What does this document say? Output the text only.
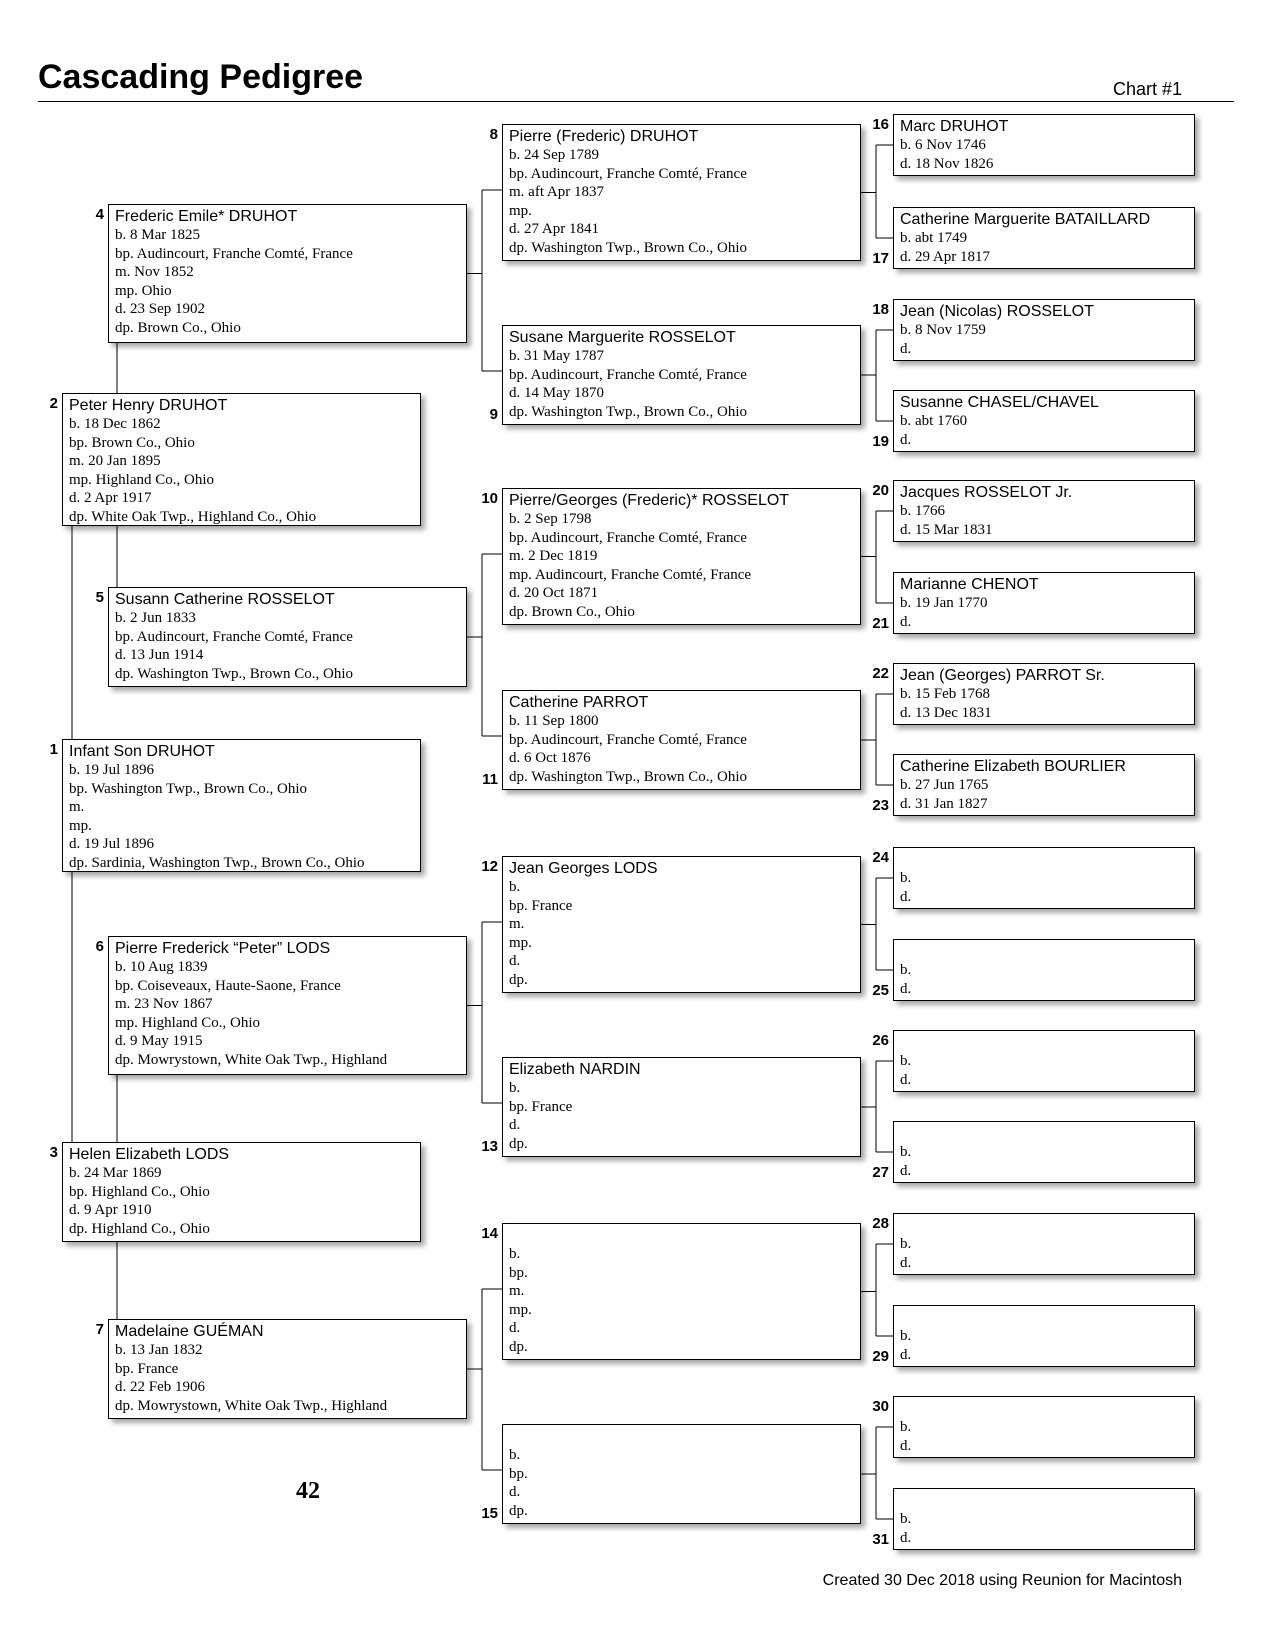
Cascading Pedigree	Chart #1
Infant Son DRUHOT
b. 19 Jul 1896
bp. Washington Twp., Brown Co., Ohio
m.
mp.
d. 19 Jul 1896
dp. Sardinia, Washington Twp., Brown Co., Ohio
1
Peter Henry DRUHOT
b. 18 Dec 1862
bp. Brown Co., Ohio
m. 20 Jan 1895
mp. Highland Co., Ohio
d. 2 Apr 1917
dp. White Oak Twp., Highland Co., Ohio
2
Helen Elizabeth LODS
b. 24 Mar 1869
bp. Highland Co., Ohio
d. 9 Apr 1910
dp. Highland Co., Ohio
3
Frederic Emile* DRUHOT
b. 8 Mar 1825
bp. Audincourt, Franche Comté, France
m. Nov 1852
mp. Ohio
d. 23 Sep 1902
dp. Brown Co., Ohio
4
Susann Catherine ROSSELOT
b. 2 Jun 1833
bp. Audincourt, Franche Comté, France
d. 13 Jun 1914
dp. Washington Twp., Brown Co., Ohio
5
Pierre Frederick “Peter” LODS
b. 10 Aug 1839
bp. Coiseveaux, Haute-Saone, France
m. 23 Nov 1867
mp. Highland Co., Ohio
d. 9 May 1915
dp. Mowrystown, White Oak Twp., Highland
6
Madelaine GUÉMAN
b. 13 Jan 1832
bp. France
d. 22 Feb 1906
dp. Mowrystown, White Oak Twp., Highland
7
Pierre (Frederic) DRUHOT
b. 24 Sep 1789
bp. Audincourt, Franche Comté, France
m. aft Apr 1837
mp.
d. 27 Apr 1841
dp. Washington Twp., Brown Co., Ohio
8
Susane Marguerite ROSSELOT
b. 31 May 1787
bp. Audincourt, Franche Comté, France
d. 14 May 1870
dp. Washington Twp., Brown Co., Ohio
9
Pierre/Georges (Frederic)* ROSSELOT
b. 2 Sep 1798
bp. Audincourt, Franche Comté, France
m. 2 Dec 1819
mp. Audincourt, Franche Comté, France
d. 20 Oct 1871
dp. Brown Co., Ohio
10
Catherine PARROT
b. 11 Sep 1800
bp. Audincourt, Franche Comté, France
d. 6 Oct 1876
dp. Washington Twp., Brown Co., Ohio
11
Jean Georges LODS
b.
bp. France
m.
mp.
d.
dp.
12
Elizabeth NARDIN
b.
bp. France
d.
dp.
13
b.
bp.
m.
mp.
d.
dp.
14
b.
bp.
d.
dp.
15
Marc DRUHOT
b. 6 Nov 1746
d. 18 Nov 1826
16
Catherine Marguerite BATAILLARD
b. abt 1749
d. 29 Apr 1817
17
Jean (Nicolas) ROSSELOT
b. 8 Nov 1759
d.
18
Susanne CHASEL/CHAVEL
b. abt 1760
d.
19
Jacques ROSSELOT Jr.
b. 1766
d. 15 Mar 1831
20
Marianne CHENOT
b. 19 Jan 1770
d.
21
Jean (Georges) PARROT Sr.
b. 15 Feb 1768
d. 13 Dec 1831
22
Catherine Elizabeth BOURLIER
b. 27 Jun 1765
d. 31 Jan 1827
23
b.
d.
24
b.
d.
25
b.
d.
26
b.
d.
27
b.
d.
28
b.
d.
29
b.
d.
30
b.
d.
31
42
Created 30 Dec 2018 using Reunion for Macintosh
